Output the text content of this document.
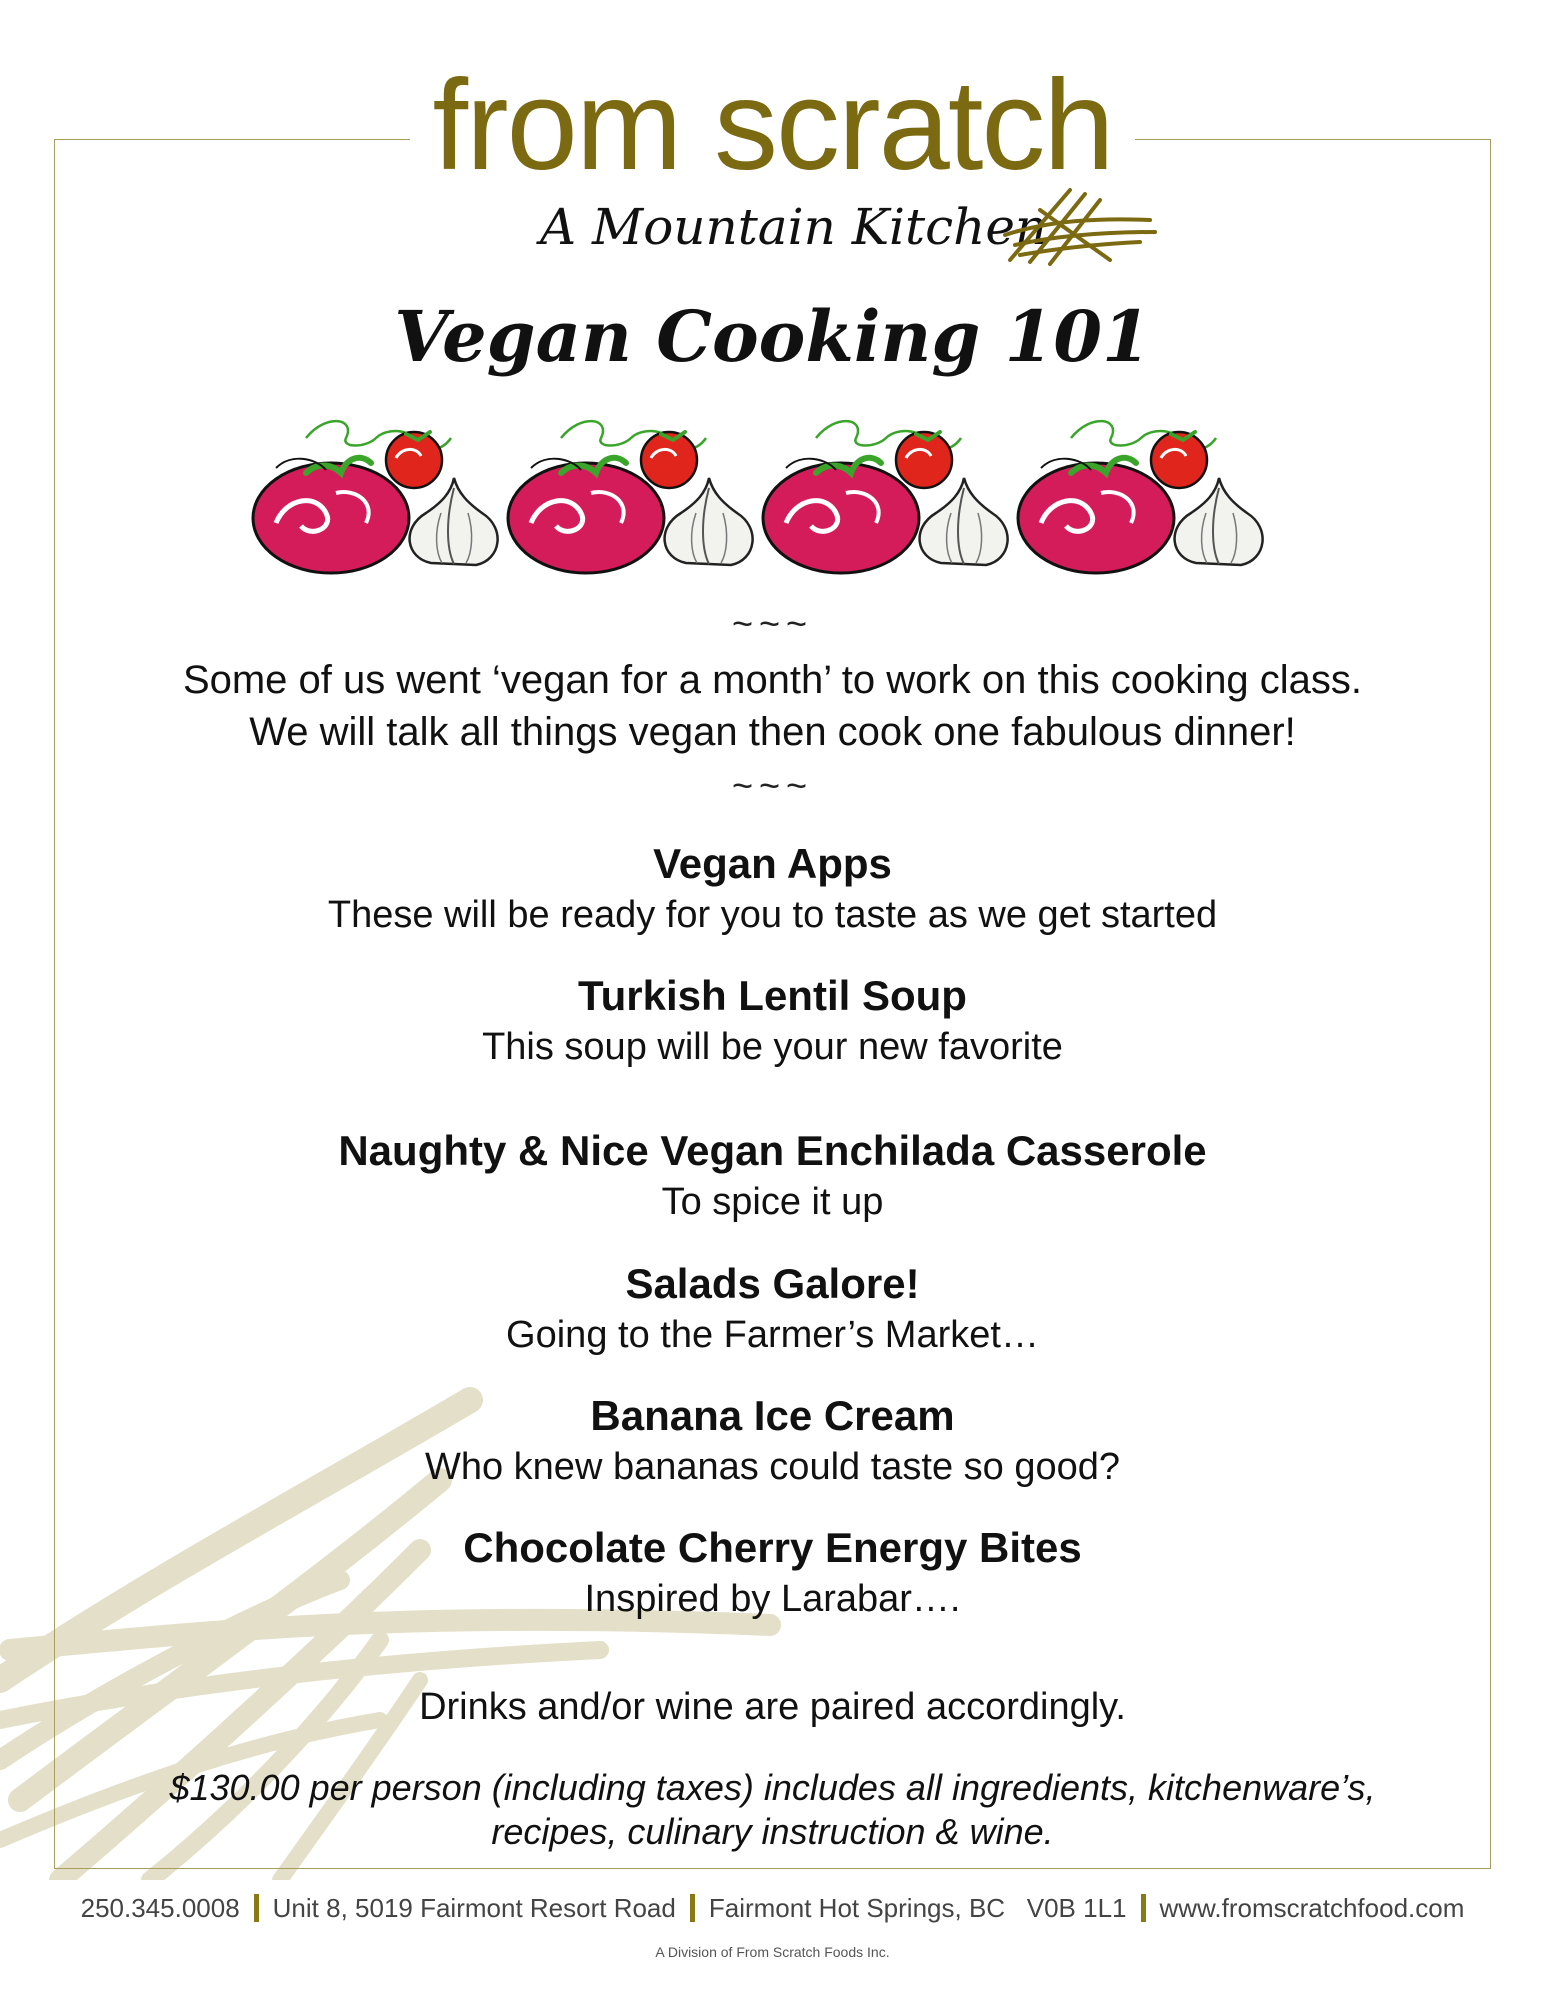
from scratch
A Mountain Kitchen
Vegan Cooking 101
~~~
Some of us went ‘vegan for a month’ to work on this cooking class.
We will talk all things vegan then cook one fabulous dinner!
~~~
Vegan Apps
These will be ready for you to taste as we get started
Turkish Lentil Soup
This soup will be your new favorite
Naughty & Nice Vegan Enchilada Casserole
To spice it up
Salads Galore!
Going to the Farmer’s Market…
Banana Ice Cream
Who knew bananas could taste so good?
Chocolate Cherry Energy Bites
Inspired by Larabar….
Drinks and/or wine are paired accordingly.
$130.00 per person (including taxes) includes all ingredients, kitchenware’s,
recipes, culinary instruction & wine.
250.345.0008 Unit 8, 5019 Fairmont Resort Road Fairmont Hot Springs, BC V0B 1L1 www.fromscratchfood.com
A Division of From Scratch Foods Inc.
